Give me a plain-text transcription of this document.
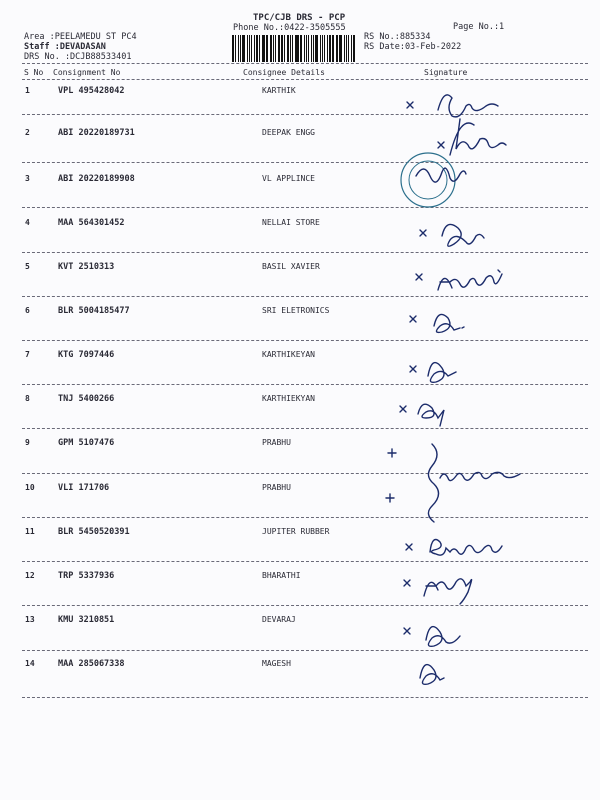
TPC/CJB DRS - PCP
Phone No.:0422-3505555	Page No.:1
Area :PEELAMEDU ST PC4
Staff :DEVADASAN
DRS No. :DCJB88533401
RS No.:885334
RS Date:03-Feb-2022
S No Consignment No	Consignee Details	Signature
1	VPL 495428042	KARTHIK
2	ABI 20220189731	DEEPAK ENGG
3	ABI 20220189908	VL APPLINCE
4	MAA 564301452	NELLAI STORE
5	KVT 2510313	BASIL XAVIER
6	BLR 5004185477	SRI ELETRONICS
7	KTG 7097446	KARTHIKEYAN
8	TNJ 5400266	KARTHIEKYAN
9	GPM 5107476	PRABHU
10	VLI 171706	PRABHU
11	BLR 5450520391	JUPITER RUBBER
12	TRP 5337936	BHARATHI
13	KMU 3210851	DEVARAJ
14	MAA 285067338	MAGESH
